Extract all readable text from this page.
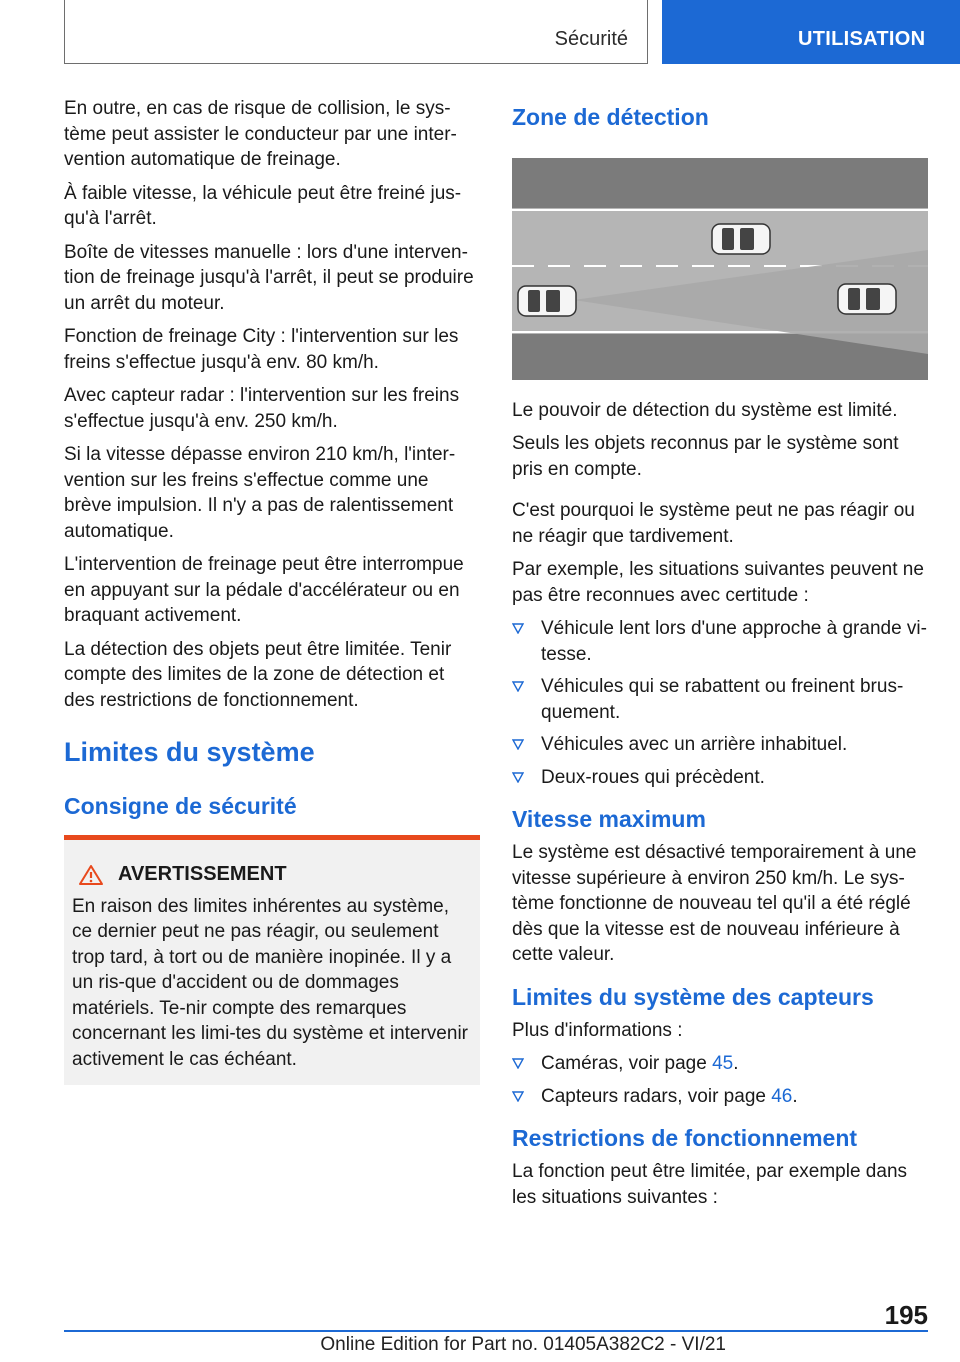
Sécurité	UTILISATION

En outre, en cas de risque de collision, le sys-tème peut assister le conducteur par une inter-vention automatique de freinage.

À faible vitesse, la véhicule peut être freiné jus-qu'à l'arrêt.

Boîte de vitesses manuelle : lors d'une interven-tion de freinage jusqu'à l'arrêt, il peut se produire un arrêt du moteur.

Fonction de freinage City : l'intervention sur les freins s'effectue jusqu'à env. 80 km/h.

Avec capteur radar : l'intervention sur les freins s'effectue jusqu'à env. 250 km/h.

Si la vitesse dépasse environ 210 km/h, l'inter-vention sur les freins s'effectue comme une brève impulsion. Il n'y a pas de ralentissement automatique.

L'intervention de freinage peut être interrompue en appuyant sur la pédale d'accélérateur ou en braquant activement.

La détection des objets peut être limitée. Tenir compte des limites de la zone de détection et des restrictions de fonctionnement.

Limites du système
Consigne de sécurité
AVERTISSEMENT
En raison des limites inhérentes au système, ce dernier peut ne pas réagir, ou seulement trop tard, à tort ou de manière inopinée. Il y a un ris-que d'accident ou de dommages matériels. Te-nir compte des remarques concernant les limi-tes du système et intervenir activement le cas échéant.
Zone de détection

Le pouvoir de détection du système est limité.

Seuls les objets reconnus par le système sont pris en compte.

C'est pourquoi le système peut ne pas réagir ou ne réagir que tardivement.

Par exemple, les situations suivantes peuvent ne pas être reconnues avec certitude :

Véhicule lent lors d'une approche à grande vi-tesse.
Véhicules qui se rabattent ou freinent brus-quement.
Véhicules avec un arrière inhabituel.
Deux-roues qui précèdent.
Vitesse maximum

Le système est désactivé temporairement à une vitesse supérieure à environ 250 km/h. Le sys-tème fonctionne de nouveau tel qu'il a été réglé dès que la vitesse est de nouveau inférieure à cette valeur.

Limites du système des capteurs

Plus d'informations :

Caméras, voir page 45.
Capteurs radars, voir page 46.
Restrictions de fonctionnement

La fonction peut être limitée, par exemple dans les situations suivantes :

195
Online Edition for Part no. 01405A382C2 - VI/21
